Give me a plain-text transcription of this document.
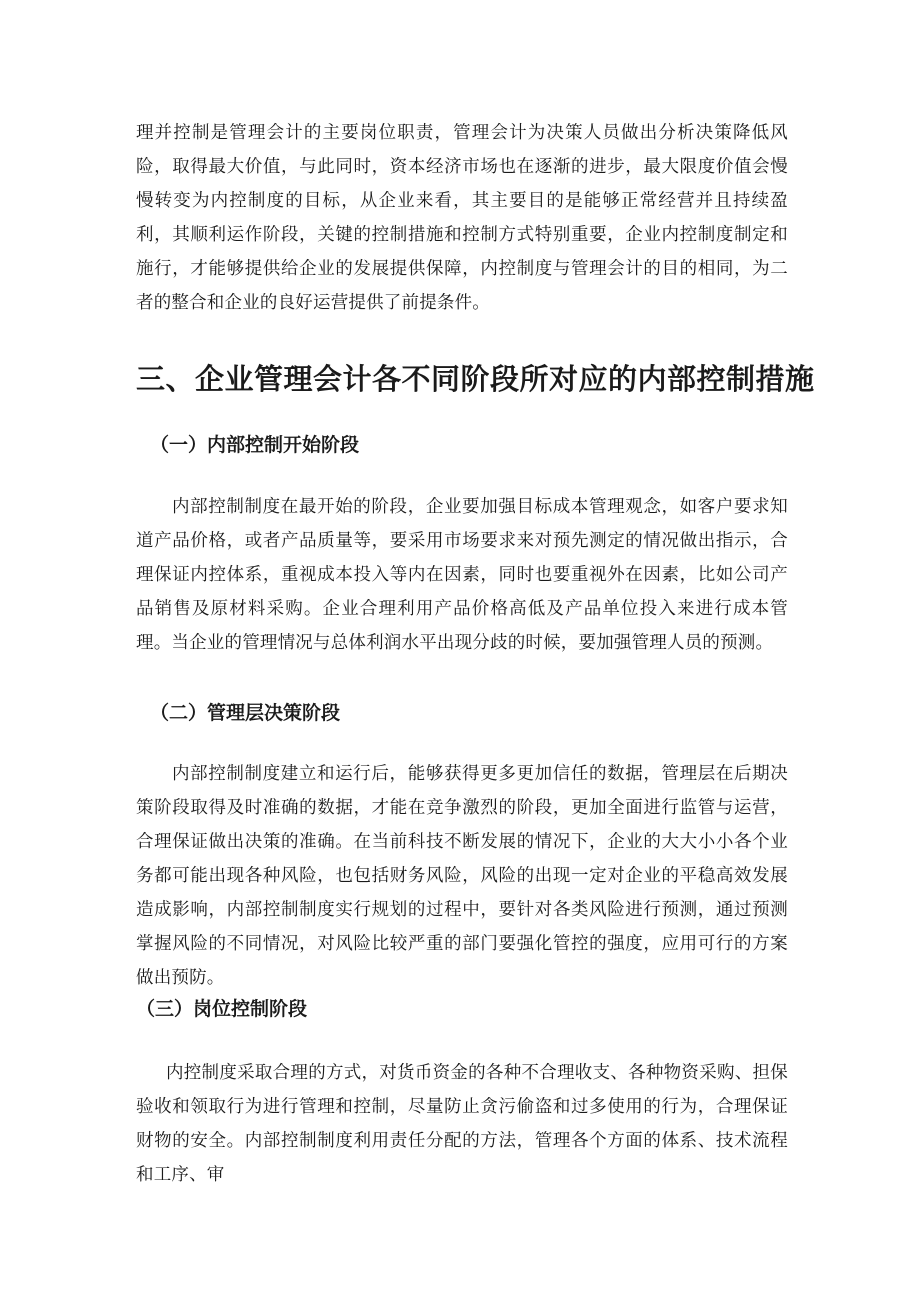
理并控制是管理会计的主要岗位职责，管理会计为决策人员做出分析决策降低风险，取得最大价值，与此同时，资本经济市场也在逐渐的进步，最大限度价值会慢慢转变为内控制度的目标，从企业来看，其主要目的是能够正常经营并且持续盈利，其顺利运作阶段，关键的控制措施和控制方式特别重要，企业内控制度制定和施行，才能够提供给企业的发展提供保障，内控制度与管理会计的目的相同，为二者的整合和企业的良好运营提供了前提条件。

三、企业管理会计各不同阶段所对应的内部控制措施
（一）内部控制开始阶段

内部控制制度在最开始的阶段，企业要加强目标成本管理观念，如客户要求知道产品价格，或者产品质量等，要采用市场要求来对预先测定的情况做出指示，合理保证内控体系，重视成本投入等内在因素，同时也要重视外在因素，比如公司产品销售及原材料采购。企业合理利用产品价格高低及产品单位投入来进行成本管理。当企业的管理情况与总体利润水平出现分歧的时候，要加强管理人员的预测。

（二）管理层决策阶段

内部控制制度建立和运行后，能够获得更多更加信任的数据，管理层在后期决策阶段取得及时准确的数据，才能在竞争激烈的阶段，更加全面进行监管与运营，合理保证做出决策的准确。在当前科技不断发展的情况下，企业的大大小小各个业务都可能出现各种风险，也包括财务风险，风险的出现一定对企业的平稳高效发展造成影响，内部控制制度实行规划的过程中，要针对各类风险进行预测，通过预测掌握风险的不同情况，对风险比较严重的部门要强化管控的强度，应用可行的方案做出预防。

（三）岗位控制阶段

内控制度采取合理的方式，对货币资金的各种不合理收支、各种物资采购、担保验收和领取行为进行管理和控制，尽量防止贪污偷盗和过多使用的行为，合理保证财物的安全。内部控制制度利用责任分配的方法，管理各个方面的体系、技术流程和工序、审
